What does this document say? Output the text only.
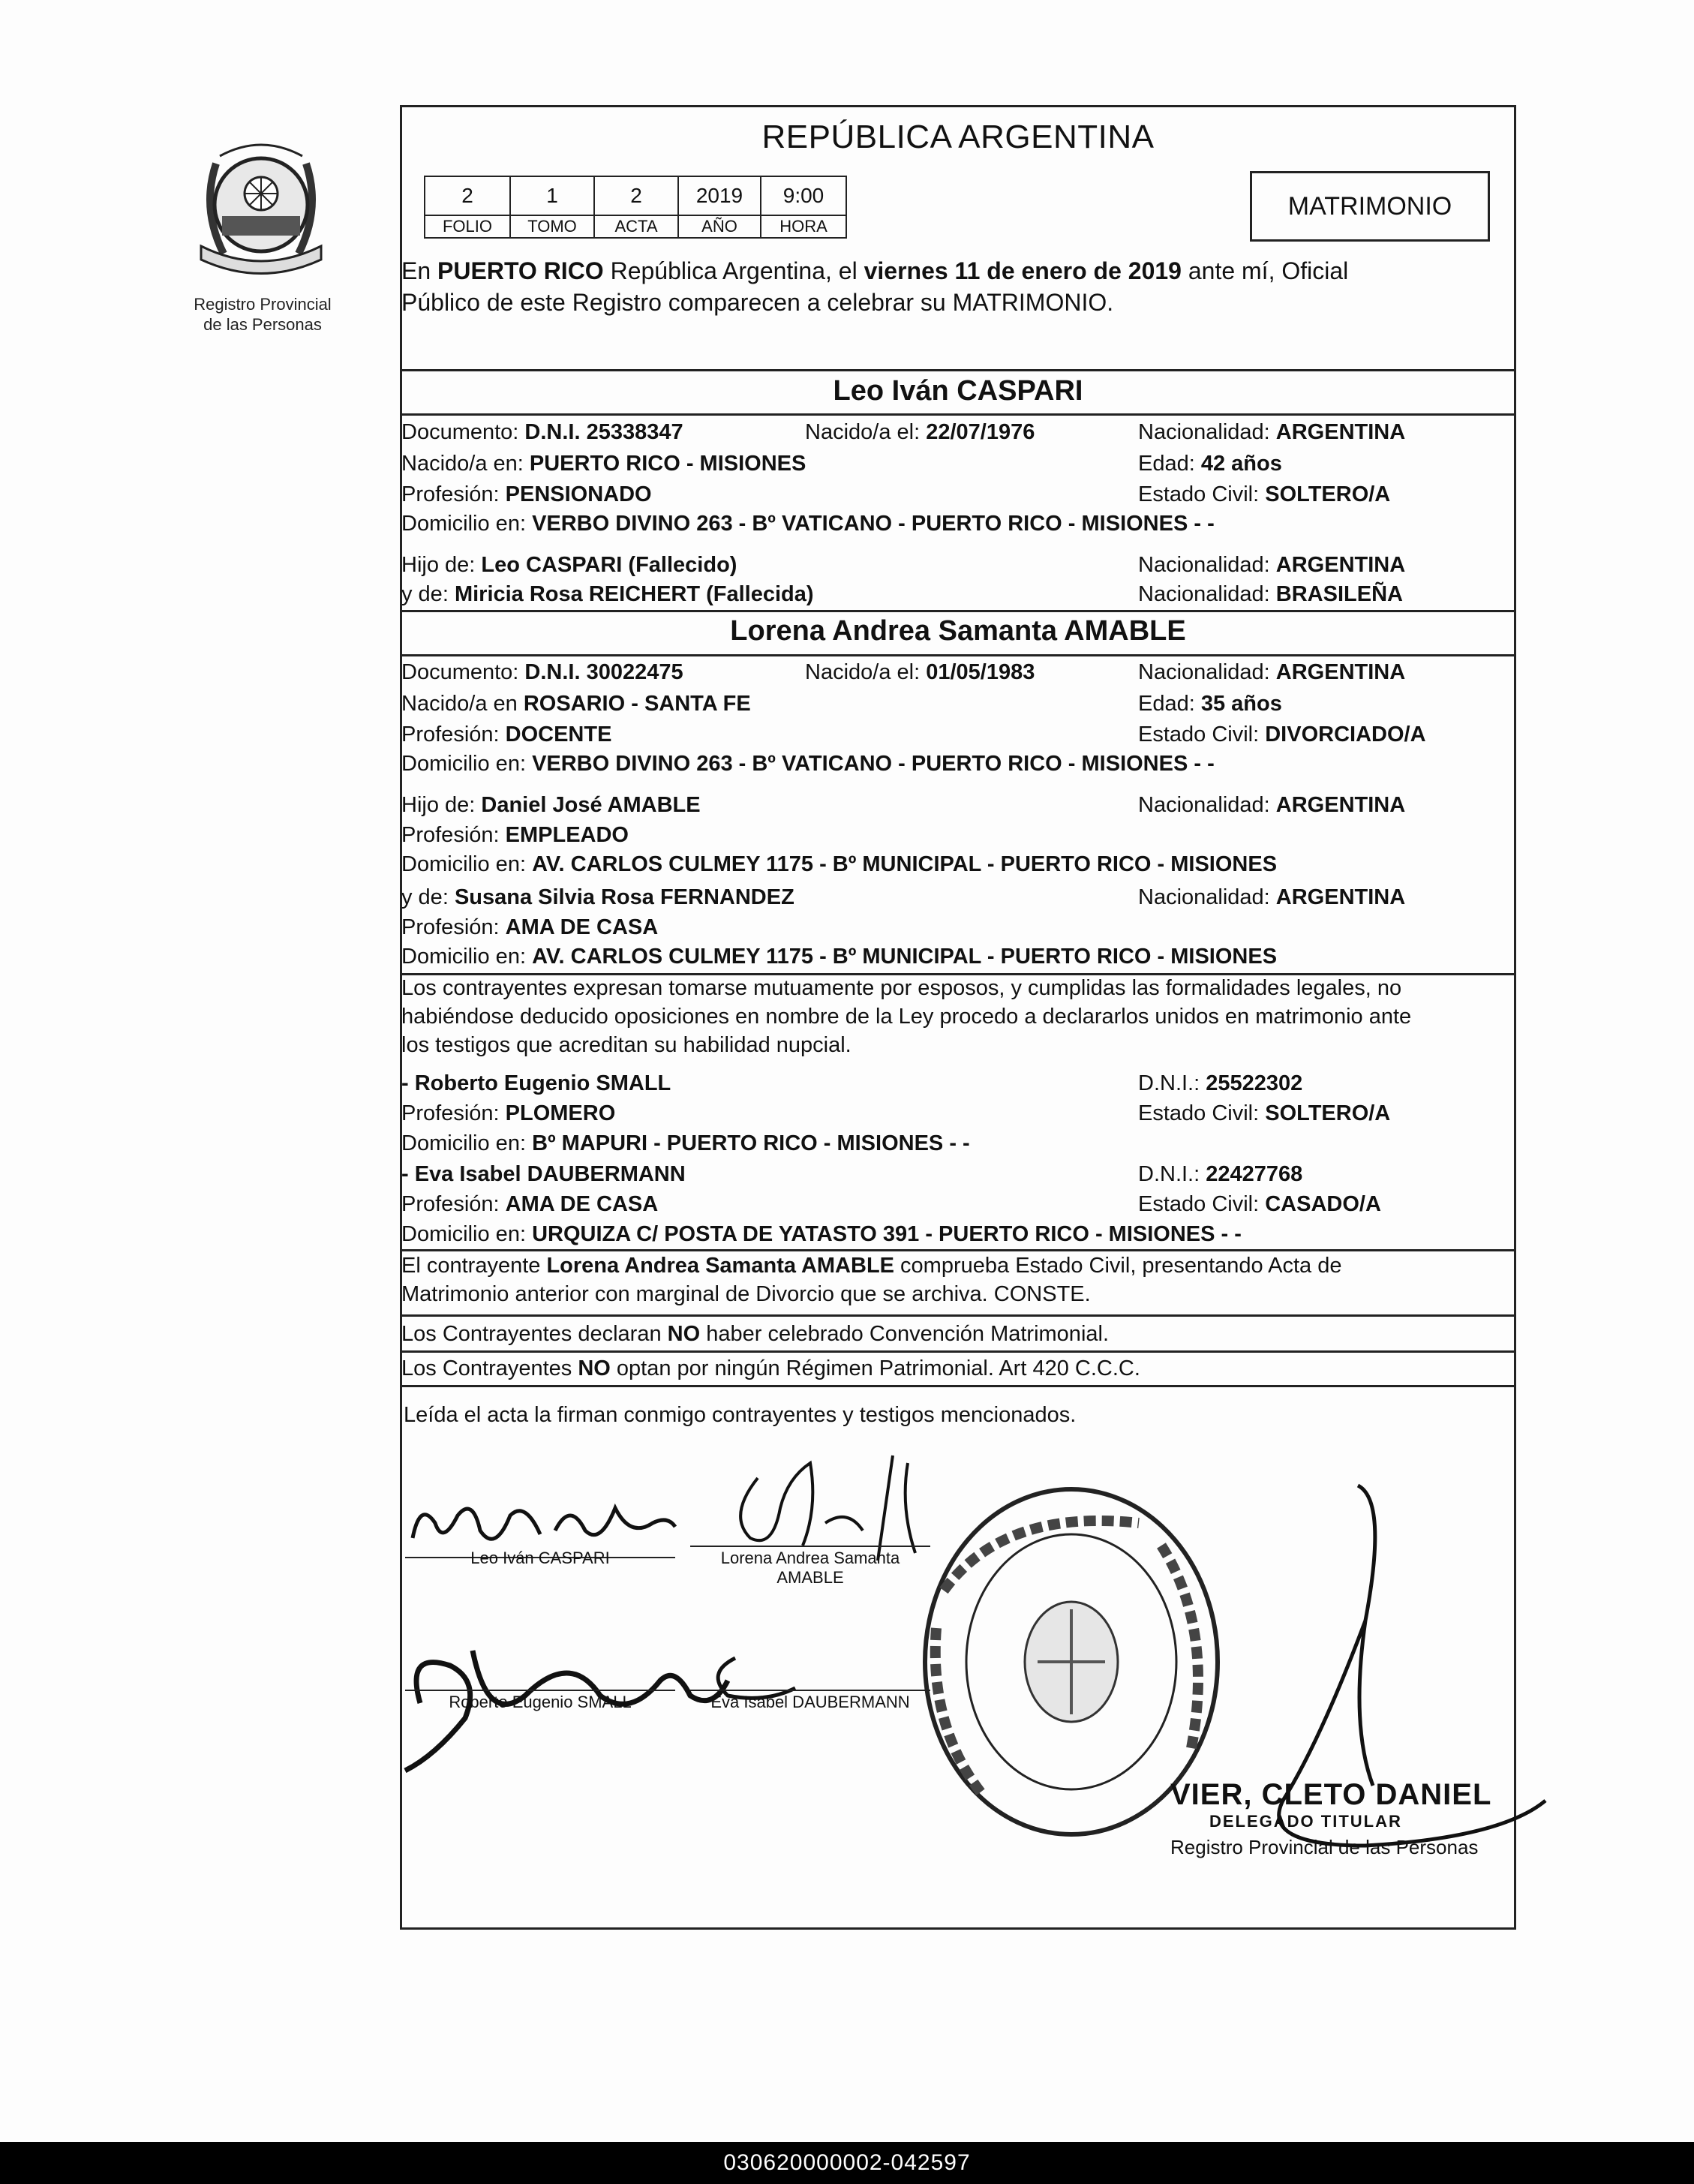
Registro Provincial
de las Personas
REPÚBLICA ARGENTINA
2	1	2	2019	9:00
FOLIO	TOMO	ACTA	AÑO	HORA
MATRIMONIO
En PUERTO RICO República Argentina, el viernes 11 de enero de 2019 ante mí, Oficial
Público de este Registro comparecen a celebrar su MATRIMONIO.
Leo Iván CASPARI
Documento: D.N.I. 25338347	Nacido/a el: 22/07/1976	Nacionalidad: ARGENTINA
Nacido/a en: PUERTO RICO - MISIONES	Edad: 42 años
Profesión: PENSIONADO	Estado Civil: SOLTERO/A
Domicilio en: VERBO DIVINO 263 - Bº VATICANO - PUERTO RICO - MISIONES - -
Hijo de: Leo CASPARI (Fallecido)	Nacionalidad: ARGENTINA
y de: Miricia Rosa REICHERT (Fallecida)	Nacionalidad: BRASILEÑA
Lorena Andrea Samanta AMABLE
Documento: D.N.I. 30022475	Nacido/a el: 01/05/1983	Nacionalidad: ARGENTINA
Nacido/a en ROSARIO - SANTA FE	Edad: 35 años
Profesión: DOCENTE	Estado Civil: DIVORCIADO/A
Domicilio en: VERBO DIVINO 263 - Bº VATICANO - PUERTO RICO - MISIONES - -
Hijo de: Daniel José AMABLE	Nacionalidad: ARGENTINA
Profesión: EMPLEADO
Domicilio en: AV. CARLOS CULMEY 1175 - Bº MUNICIPAL - PUERTO RICO - MISIONES
y de: Susana Silvia Rosa FERNANDEZ	Nacionalidad: ARGENTINA
Profesión: AMA DE CASA
Domicilio en: AV. CARLOS CULMEY 1175 - Bº MUNICIPAL - PUERTO RICO - MISIONES
Los contrayentes expresan tomarse mutuamente por esposos, y cumplidas las formalidades legales, no
habiéndose deducido oposiciones en nombre de la Ley procedo a declararlos unidos en matrimonio ante
los testigos que acreditan su habilidad nupcial.
- Roberto Eugenio SMALL	D.N.I.: 25522302
Profesión: PLOMERO	Estado Civil: SOLTERO/A
Domicilio en: Bº MAPURI - PUERTO RICO - MISIONES - -
- Eva Isabel DAUBERMANN	D.N.I.: 22427768
Profesión: AMA DE CASA	Estado Civil: CASADO/A
Domicilio en: URQUIZA C/ POSTA DE YATASTO 391 - PUERTO RICO - MISIONES - -
El contrayente Lorena Andrea Samanta AMABLE comprueba Estado Civil, presentando Acta de
Matrimonio anterior con marginal de Divorcio que se archiva. CONSTE.
Los Contrayentes declaran NO haber celebrado Convención Matrimonial.
Los Contrayentes NO optan por ningún Régimen Patrimonial. Art 420 C.C.C.
Leída el acta la firman conmigo contrayentes y testigos mencionados.
Leo Iván CASPARI	Lorena Andrea Samanta
AMABLE
Roberto Eugenio SMALL	Eva Isabel DAUBERMANN
VIER, CLETO DANIEL
DELEGADO TITULAR
Registro Provincial de las Personas
030620000002-042597
